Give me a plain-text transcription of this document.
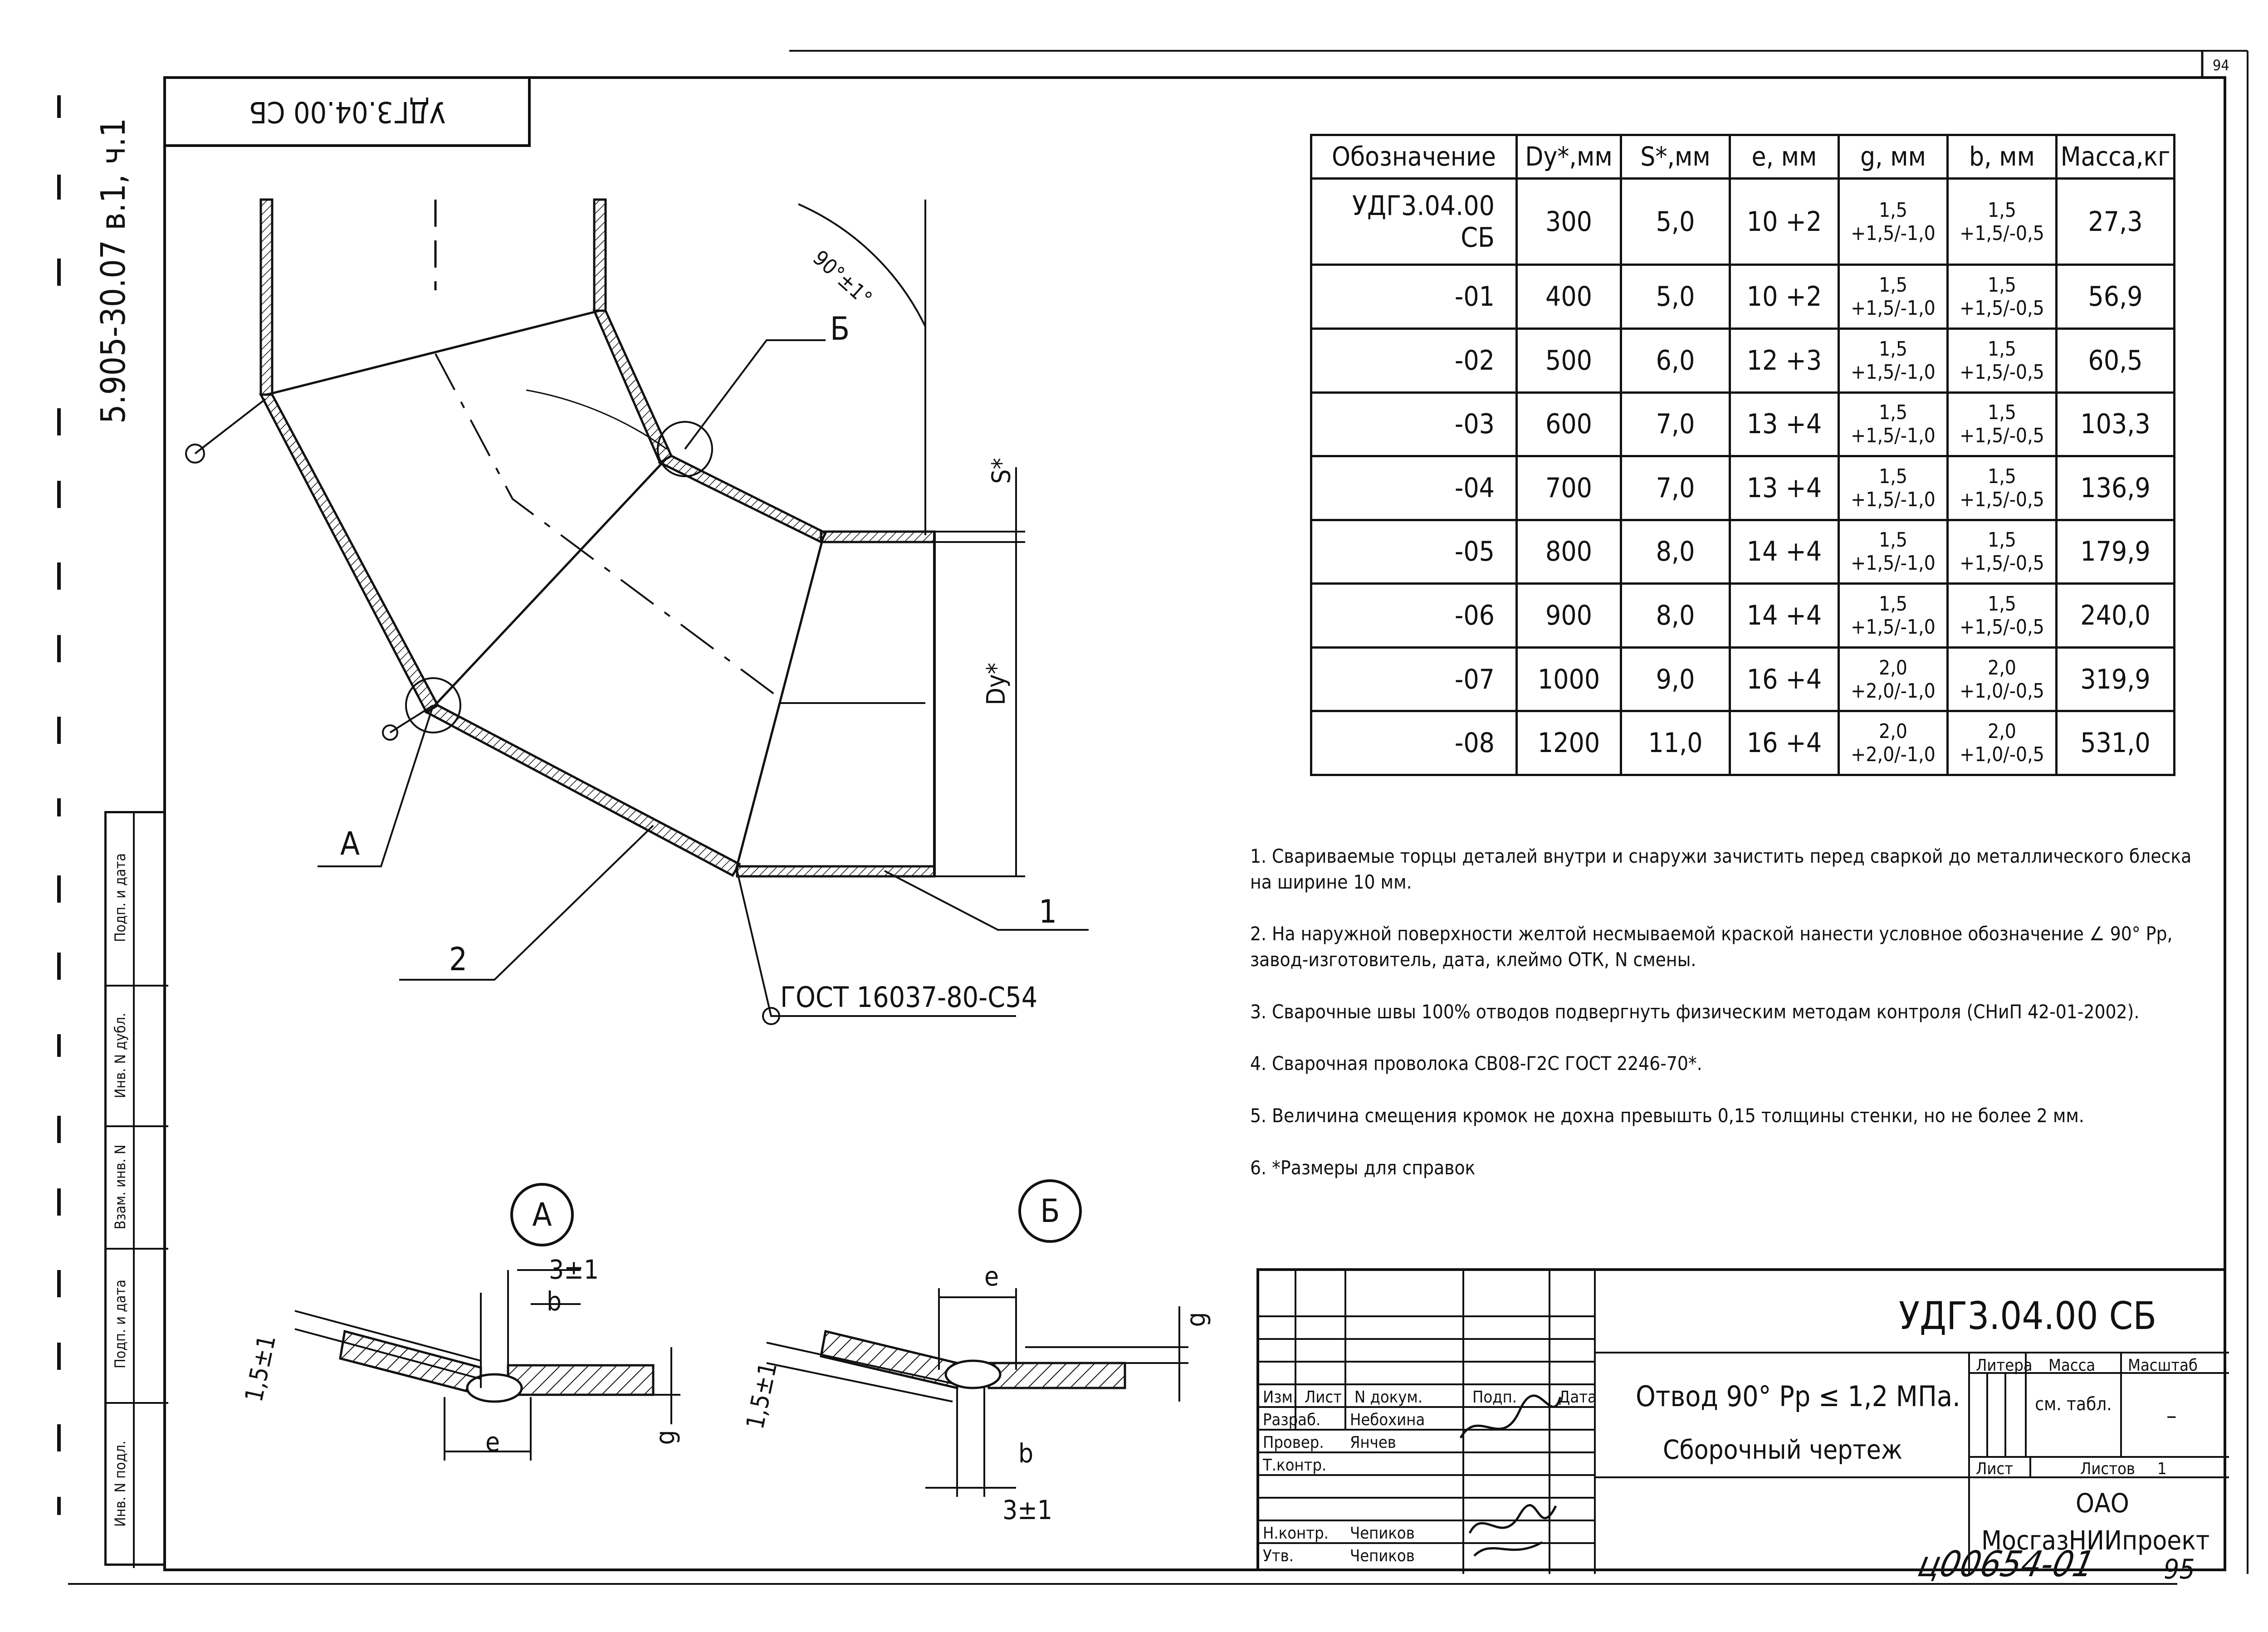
94
95
ц00654-01
5.905-30.07 в.1, ч.1
УДГ3.04.00 СБ
Подп. и дата
Инв. N дубл.
Взам. инв. N
Подп. и дата
Инв. N подл.
Б
А
1
2
ГОСТ 16037-80-С54
S*
Dy*
90°±1°
А
3±1
b
1,5±1
e	g
Б
e
g
1,5±1
b
3±1
Обозначение	Dy*,мм	S*,мм	e, мм	g, мм	b, мм	Масса,кг
УДГ3.04.00 СБ	300	5,0	10 +2	1,5 +1,5/-1,0	1,5 +1,5/-0,5	27,3
-01	400	5,0	10 +2	1,5 +1,5/-1,0	1,5 +1,5/-0,5	56,9
-02	500	6,0	12 +3	1,5 +1,5/-1,0	1,5 +1,5/-0,5	60,5
-03	600	7,0	13 +4	1,5 +1,5/-1,0	1,5 +1,5/-0,5	103,3
-04	700	7,0	13 +4	1,5 +1,5/-1,0	1,5 +1,5/-0,5	136,9
-05	800	8,0	14 +4	1,5 +1,5/-1,0	1,5 +1,5/-0,5	179,9
-06	900	8,0	14 +4	1,5 +1,5/-1,0	1,5 +1,5/-0,5	240,0
-07	1000	9,0	16 +4	2,0 +2,0/-1,0	2,0 +1,0/-0,5	319,9
-08	1200	11,0	16 +4	2,0 +2,0/-1,0	2,0 +1,0/-0,5	531,0
1. Свариваемые торцы деталей внутри и снаружи зачистить перед сваркой до металлического блеска на ширине 10 мм.
2. На наружной поверхности желтой несмываемой краской нанести условное обозначение ∠ 90° Рр, завод-изготовитель, дата, клеймо ОТК, N смены.
3. Сварочные швы 100% отводов подвергнуть физическим методам контроля (СНиП 42-01-2002).
4. Сварочная проволока СВ08-Г2С ГОСТ 2246-70*.
5. Величина смещения кромок не дохна превышть 0,15 толщины стенки, но не более 2 мм.
6. *Размеры для справок
Изм. Лист N докум.	Подп.	Дата
Разраб. Небохина
Провер. Янчев
Т.контр.
Н.контр. Чепиков
Утв.	Чепиков
УДГ3.04.00 СБ
Отвод 90° Рр ≤ 1,2 МПа.
Сборочный чертеж
Литера Масса Масштаб
см. табл. –
Лист	Листов 1
ОАО
МосгазНИИпроект
